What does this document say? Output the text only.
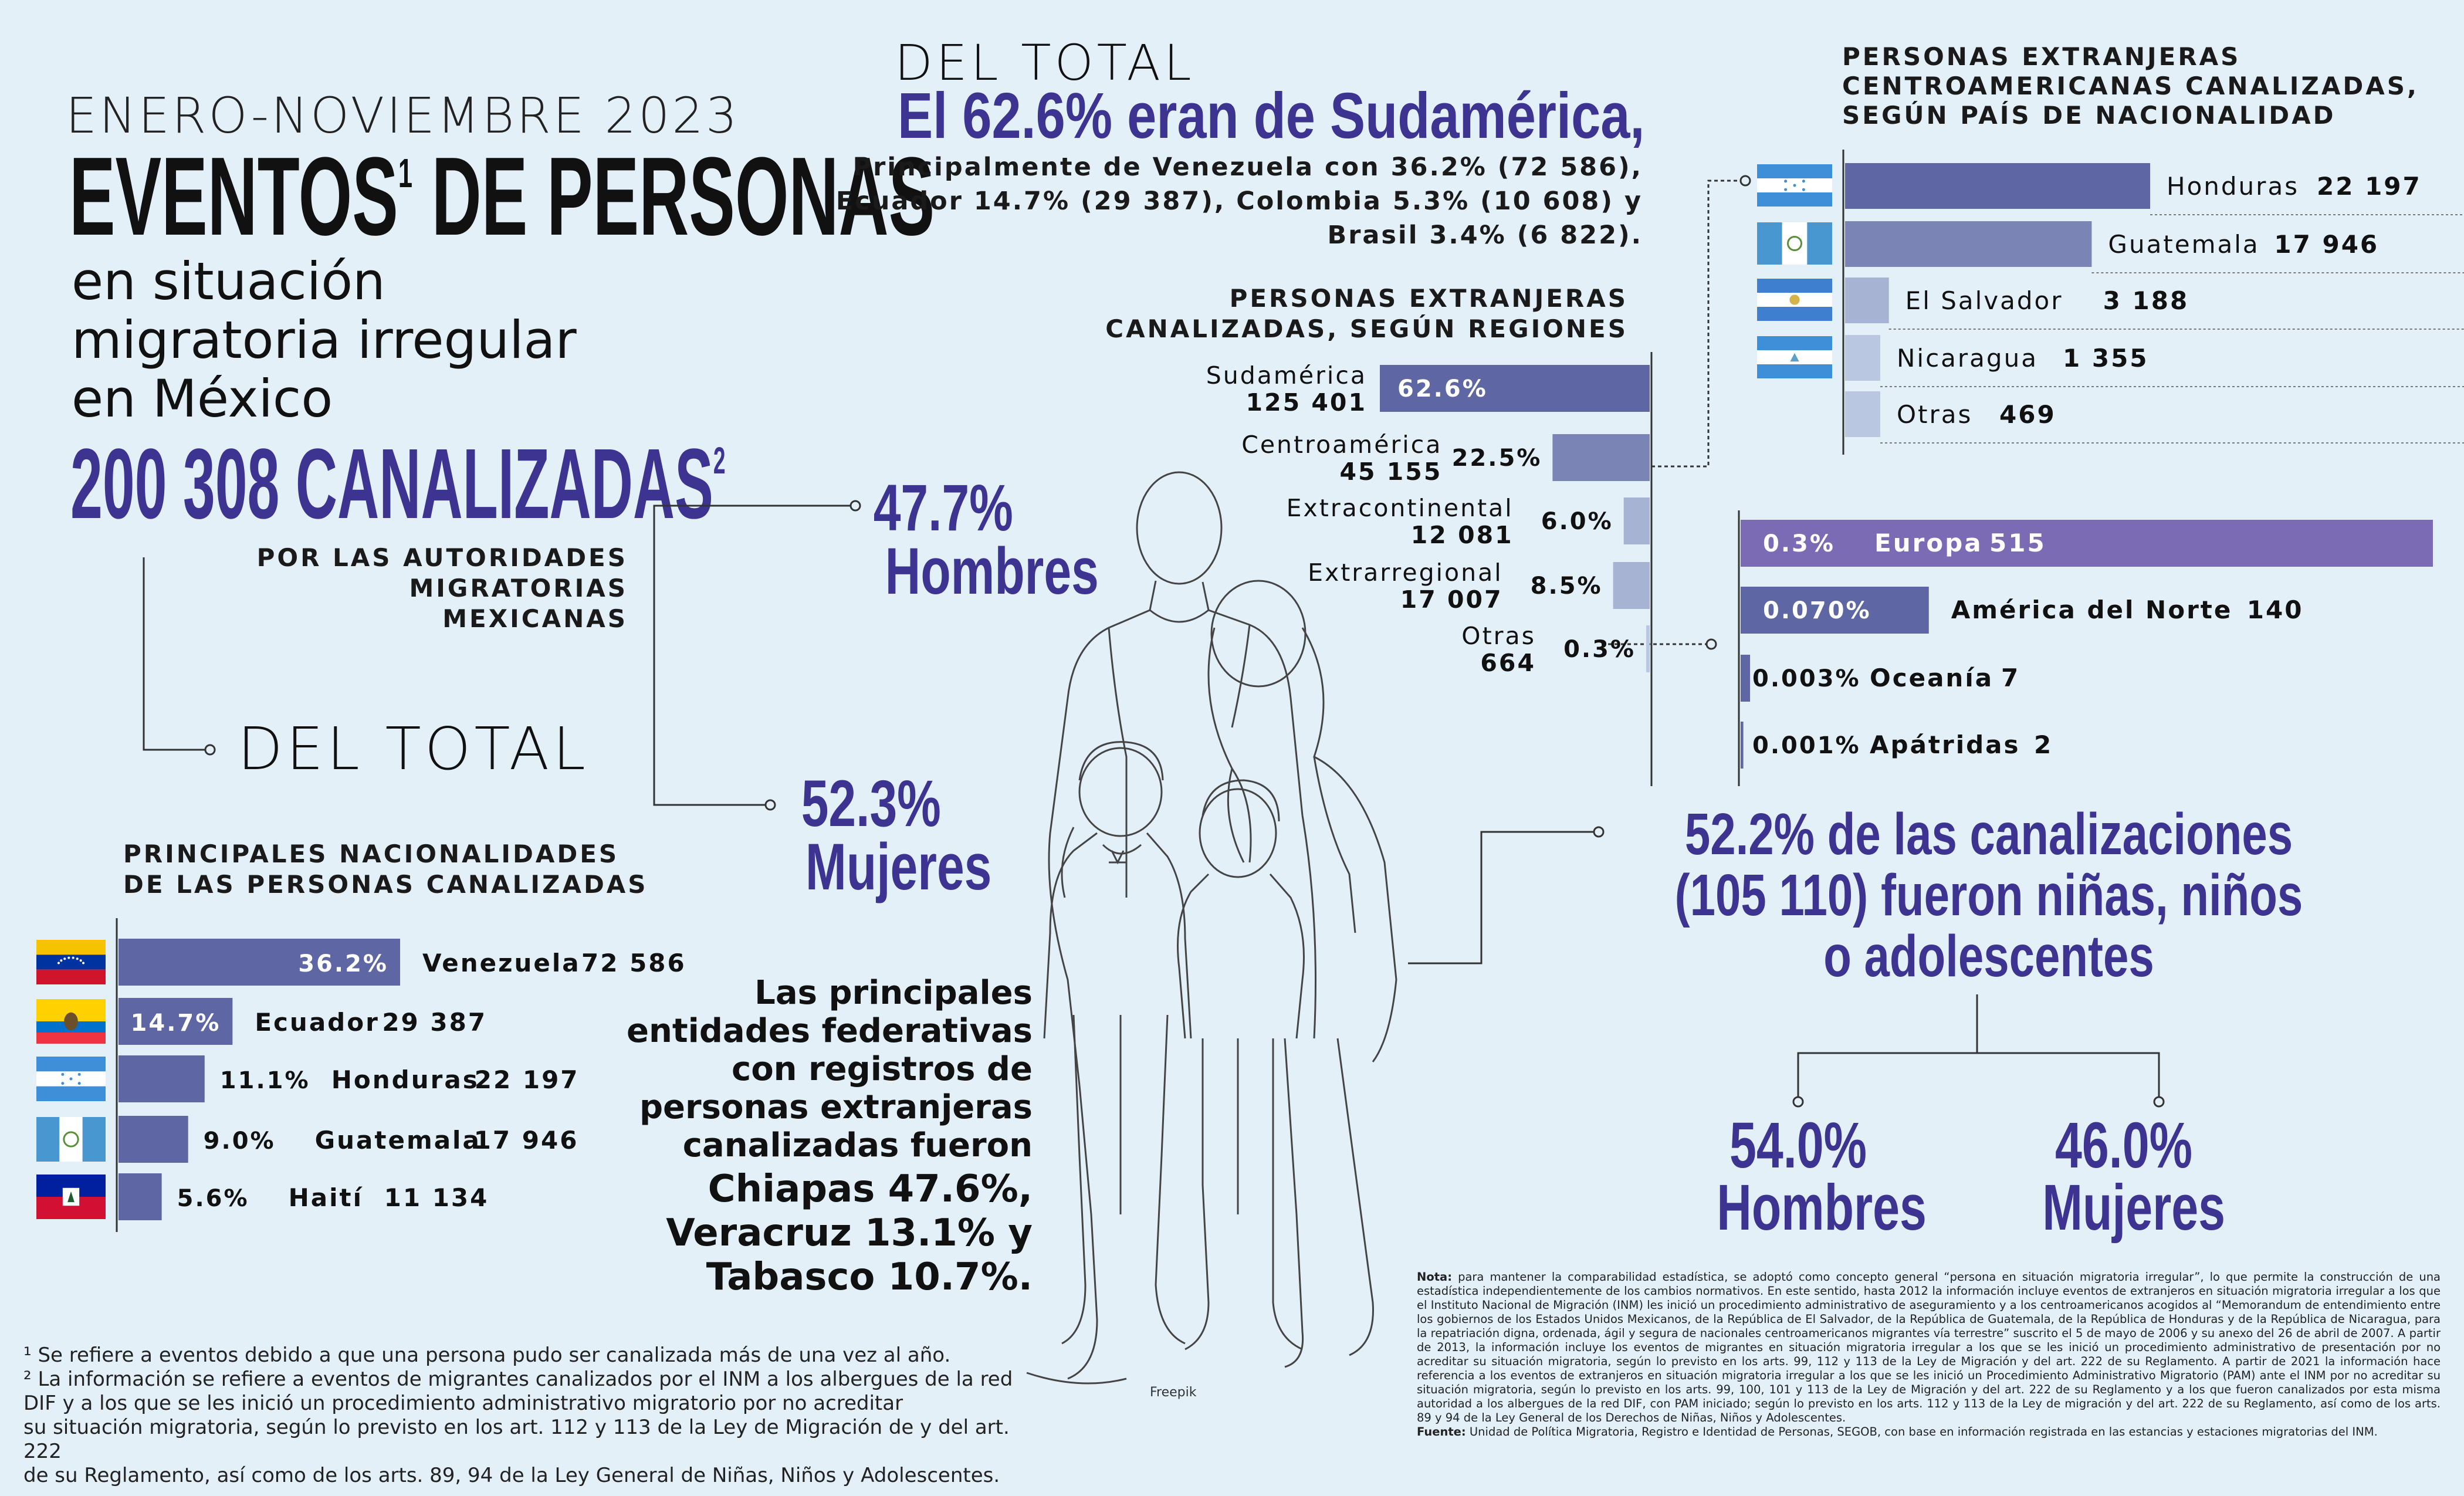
ENERO-NOVIEMBRE 2023
EVENTOS$^1$ DE PERSONAS
en situación
migratoria irregular
en México
200 308 CANALIZADAS$^2$
POR LAS AUTORIDADES
MIGRATORIAS MEXICANAS
DEL TOTAL
47.7% Hombres
52.3% Mujeres
DEL TOTAL
El 62.6% eran de Sudamérica,
Principalmente de Venezuela con 36.2% (72 586),
Ecuador 14.7% (29 387), Colombia 5.3% (10 608) y
Brasil 3.4% (6 822).
Freepik
Las principales
entidades federativas
con registros de
personas extranjeras
canalizadas fueron
Chiapas 47.6%,
Veracruz 13.1% y
Tabasco 10.7%.
52.2% de las canalizaciones
(105 110) fueron niñas, niños
o adolescentes
54.0%
Hombres
46.0%
Mujeres
PRINCIPALES NACIONALIDADES
DE LAS PERSONAS CANALIZADAS
36.2% Venezuela 72 586
14.7% Ecuador 29 387
11.1% Honduras
22 197
9.0% Guatemala
17 946
5.6% Haití 11 134
PERSONAS EXTRANJERAS
CANALIZADAS, SEGÚN REGIONES
62.6%
Sudamérica
125 401
22.5%
Centroamérica
45 155
6.0%
Extracontinental
12 081
8.5%
Extrarregional
17 007
0.3%
Otras
664
PERSONAS EXTRANJERAS
CENTROAMERICANAS CANALIZADAS,
SEGÚN PAÍS DE NACIONALIDAD
Honduras 22 197
Guatemala 17 946
El Salvador 3 188
Nicaragua 1 355
Otras 469
0.3% Europa 515
0.070%	América del Norte 140
0.003% Oceanía 7
0.001% Apátridas 2
¹ Se refiere a eventos debido a que una persona pudo ser canalizada más de una vez al año.
² La información se refiere a eventos de migrantes canalizados por el INM a los albergues de la red
DIF y a los que se les inició un procedimiento administrativo migratorio por no acreditar
su situación migratoria, según lo previsto en los art. 112 y 113 de la Ley de Migración de y del art. 222
de su Reglamento, así como de los arts. 89, 94 de la Ley General de Niñas, Niños y Adolescentes.
Nota: para mantener la comparabilidad estadística, se adoptó como concepto general “persona en situación migratoria irregular”, lo que permite la construcción de una estadística independientemente de los cambios normativos. En este sentido, hasta 2012 la información incluye eventos de extranjeros en situación migratoria irregular a los que el Instituto Nacional de Migración (INM) les inició un procedimiento administrativo de aseguramiento y a los centroamericanos acogidos al “Memorandum de entendimiento entre los gobiernos de los Estados Unidos Mexicanos, de la República de El Salvador, de la República de Guatemala, de la República de Honduras y de la República de Nicaragua, para la repatriación digna, ordenada, ágil y segura de nacionales centroamericanos migrantes vía terrestre” suscrito el 5 de mayo de 2006 y su anexo del 26 de abril de 2007. A partir de 2013, la información incluye los eventos de migrantes en situación migratoria irregular a los que se les inició un procedimiento administrativo de presentación por no acreditar su situación migratoria, según lo previsto en los arts. 99, 112 y 113 de la Ley de Migración y del art. 222 de su Reglamento. A partir de 2021 la información hace referencia a los eventos de extranjeros en situación migratoria irregular a los que se les inició un Procedimiento Administrativo Migratorio (PAM) ante el INM por no acreditar su situación migratoria, según lo previsto en los arts. 99, 100, 101 y 113 de la Ley de Migración y del art. 222 de su Reglamento y a los que fueron canalizados por esta misma autoridad a los albergues de la red DIF, con PAM iniciado; según lo previsto en los arts. 112 y 113 de la Ley de migración y del art. 222 de su Reglamento, así como de los arts. 89 y 94 de la Ley General de los Derechos de Niñas, Niños y Adolescentes.
Fuente: Unidad de Política Migratoria, Registro e Identidad de Personas, SEGOB, con base en información registrada en las estancias y estaciones migratorias del INM.
